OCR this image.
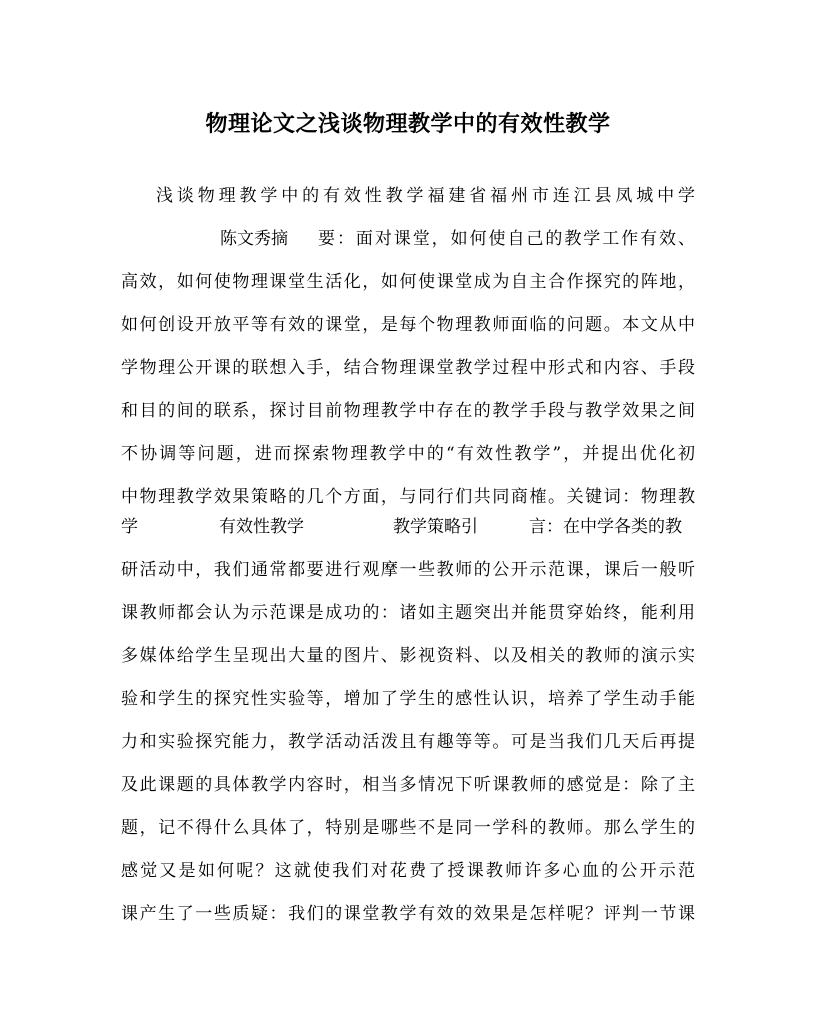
物理论文之浅谈物理教学中的有效性教学
浅谈物理教学中的有效性教学福建省福州市连江县凤城中学
陈文秀摘 要：面对课堂，如何使自己的教学工作有效、
高效，如何使物理课堂生活化，如何使课堂成为自主合作探究的阵地，
如何创设开放平等有效的课堂，是每个物理教师面临的问题。本文从中
学物理公开课的联想入手，结合物理课堂教学过程中形式和内容、手段
和目的间的联系，探讨目前物理教学中存在的教学手段与教学效果之间
不协调等问题，进而探索物理教学中的“有效性教学”，并提出优化初
中物理教学效果策略的几个方面，与同行们共同商榷。关键词：物理教
学	有效性教学	教学策略引	言：在中学各类的教
研活动中，我们通常都要进行观摩一些教师的公开示范课，课后一般听
课教师都会认为示范课是成功的：诸如主题突出并能贯穿始终，能利用
多媒体给学生呈现出大量的图片、影视资料、以及相关的教师的演示实
验和学生的探究性实验等，增加了学生的感性认识，培养了学生动手能
力和实验探究能力，教学活动活泼且有趣等等。可是当我们几天后再提
及此课题的具体教学内容时，相当多情况下听课教师的感觉是：除了主
题，记不得什么具体了，特别是哪些不是同一学科的教师。那么学生的
感觉又是如何呢？这就使我们对花费了授课教师许多心血的公开示范
课产生了一些质疑：我们的课堂教学有效的效果是怎样呢？评判一节课
